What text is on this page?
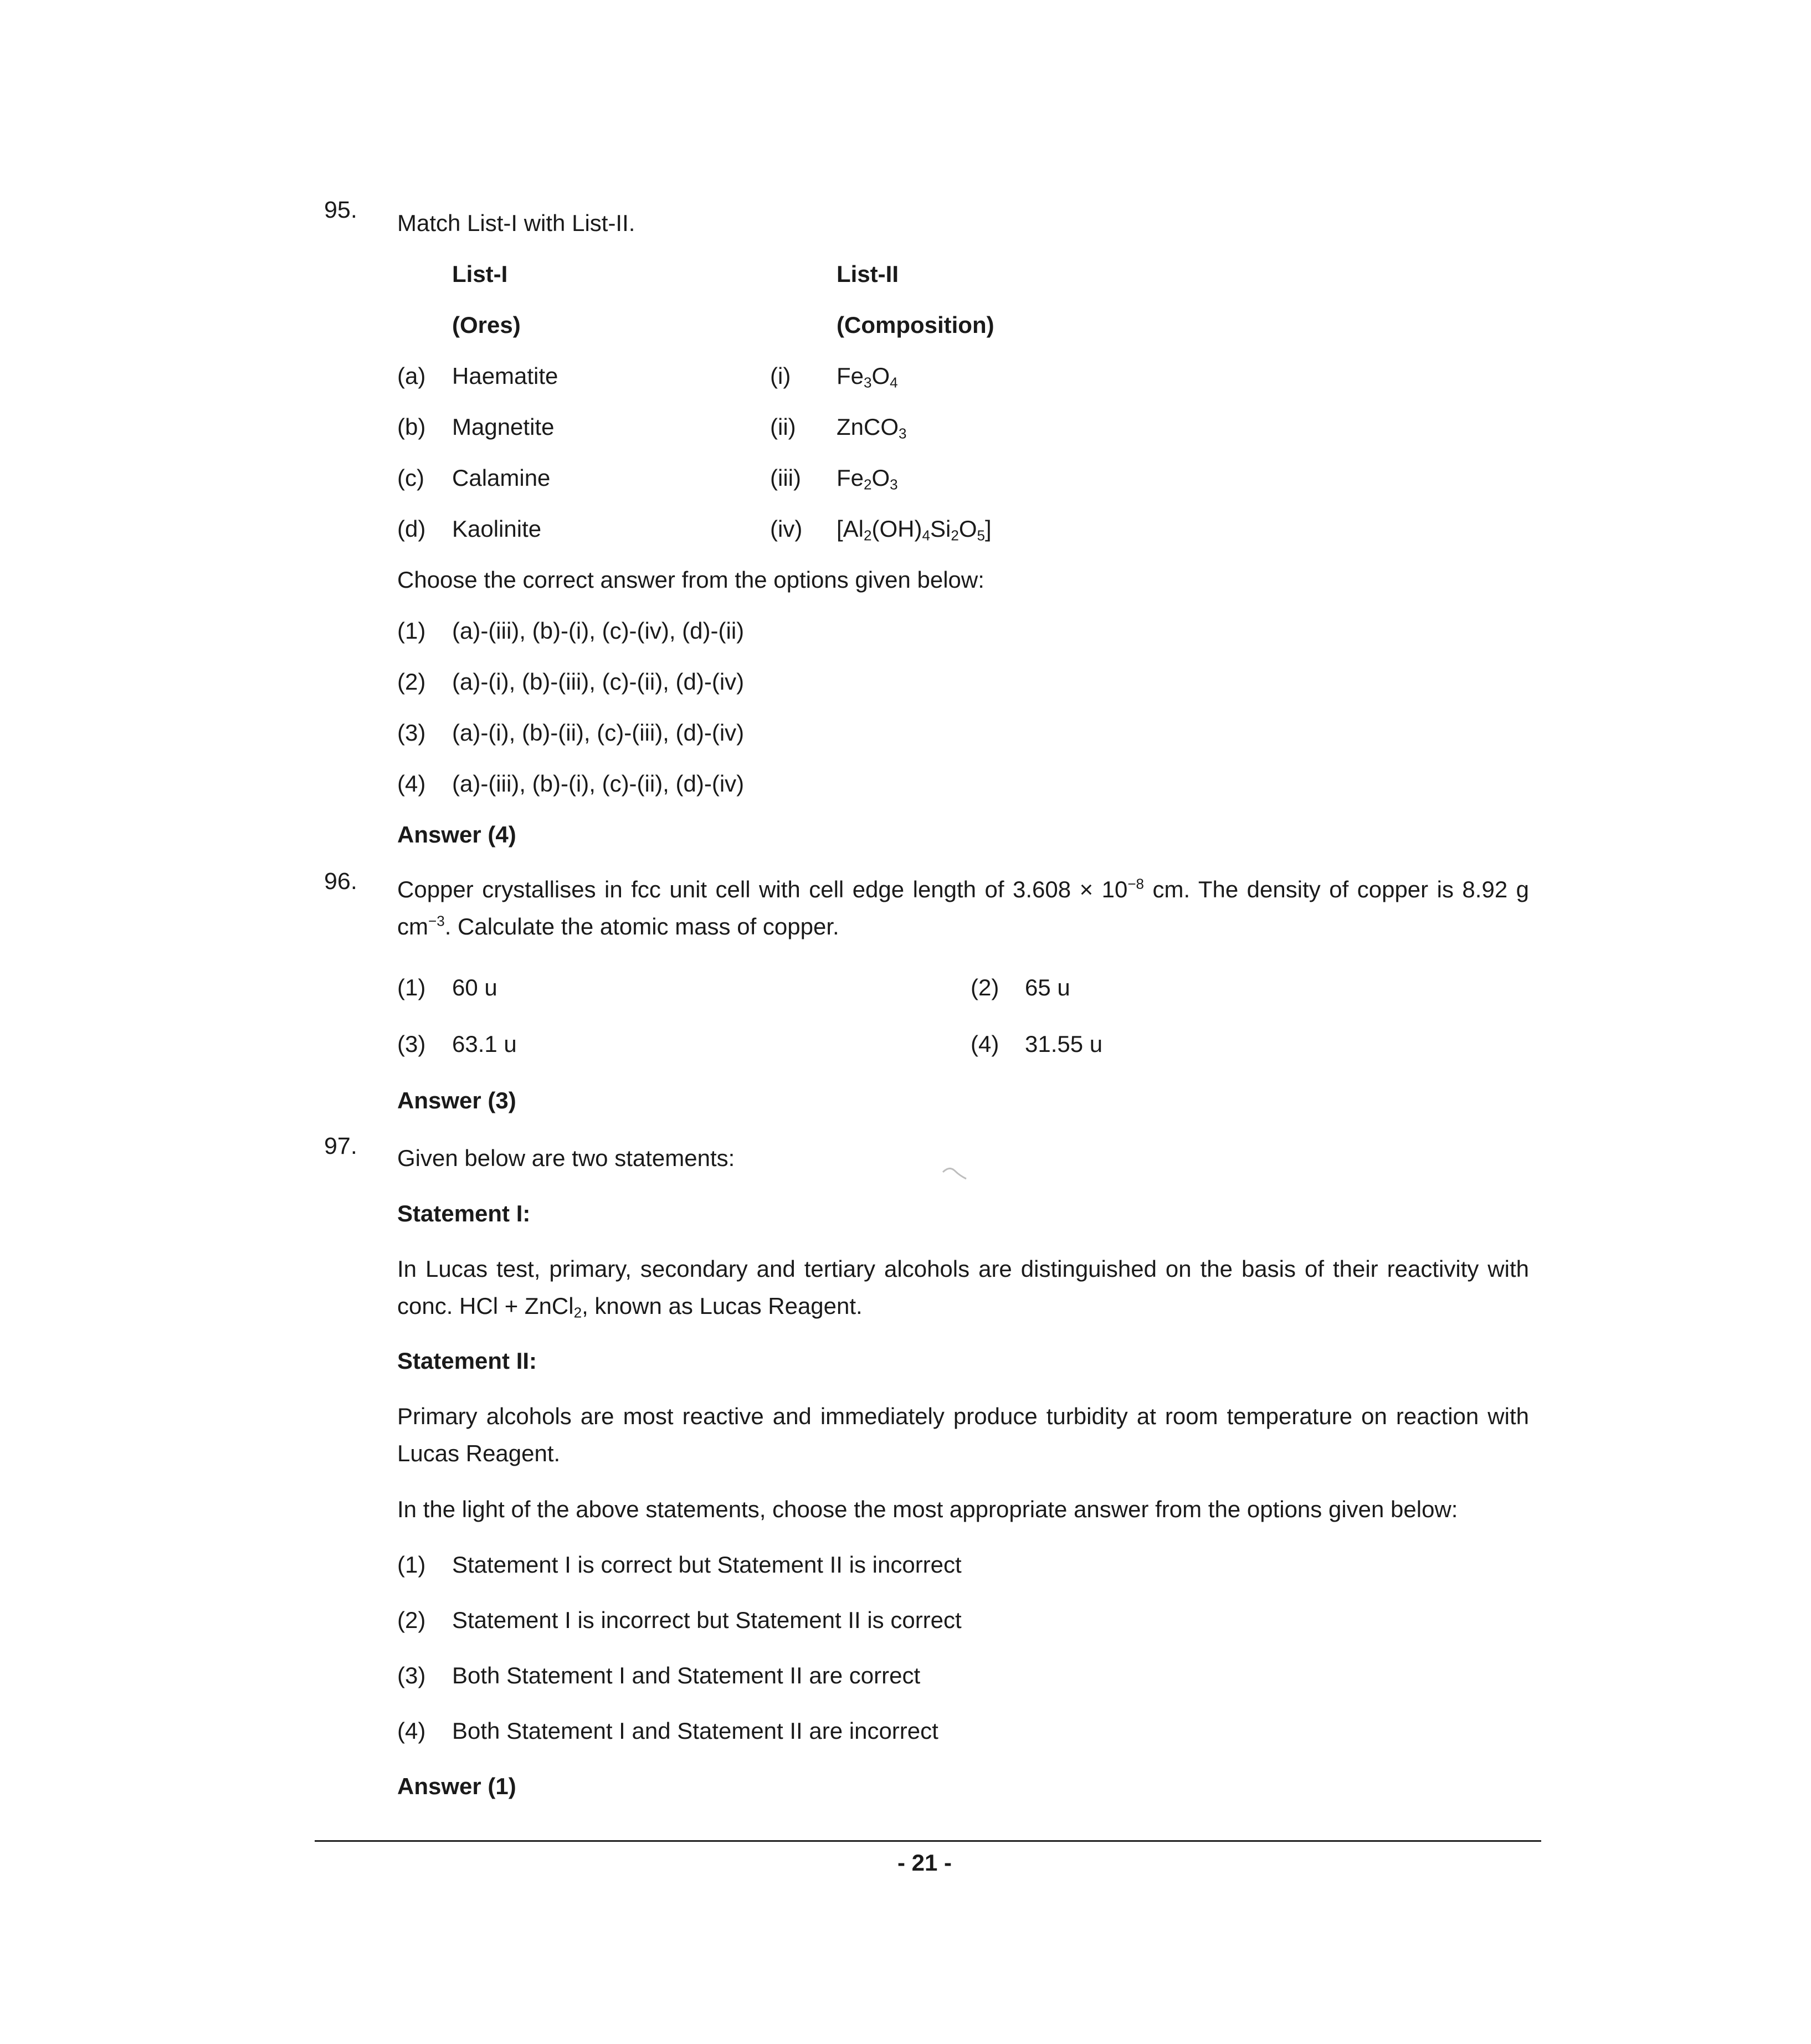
95. Match List-I with List-II.
List-I	List-II
(Ores)	(Composition)
(a) Haematite	(i) $Fe_3O_4$
(b) Magnetite	(ii) ZnCO$_3$
(c) Calamine	(iii) $Fe_2O_3$
(d) Kaolinite	(iv) $[Al_2(OH)_4Si_2O_5]$
Choose the correct answer from the options given below:
(1) (a)-(iii), (b)-(i), (c)-(iv), (d)-(ii)
(2) (a)-(i), (b)-(iii), (c)-(ii), (d)-(iv)
(3) (a)-(i), (b)-(ii), (c)-(iii), (d)-(iv)
(4) (a)-(iii), (b)-(i), (c)-(ii), (d)-(iv)
Answer (4)
96. Copper crystallises in fcc unit cell with cell edge length of $3.608 \times 10^{-8}$ cm. The density of copper is 8.92 g $cm^{-3}$. Calculate the atomic mass of copper.
(1) 60 u	(2) 65 u
(3) 63.1 u	(4) 31.55 u
Answer (3)
97. Given below are two statements:
Statement I:
In Lucas test, primary, secondary and tertiary alcohols are distinguished on the basis of their reactivity with conc. HCl + ZnCl$_2$, known as Lucas Reagent.
Statement II:
Primary alcohols are most reactive and immediately produce turbidity at room temperature on reaction with Lucas Reagent.
In the light of the above statements, choose the most appropriate answer from the options given below:
(1) Statement I is correct but Statement II is incorrect
(2) Statement I is incorrect but Statement II is correct
(3) Both Statement I and Statement II are correct
(4) Both Statement I and Statement II are incorrect
Answer (1)
- 21 -
